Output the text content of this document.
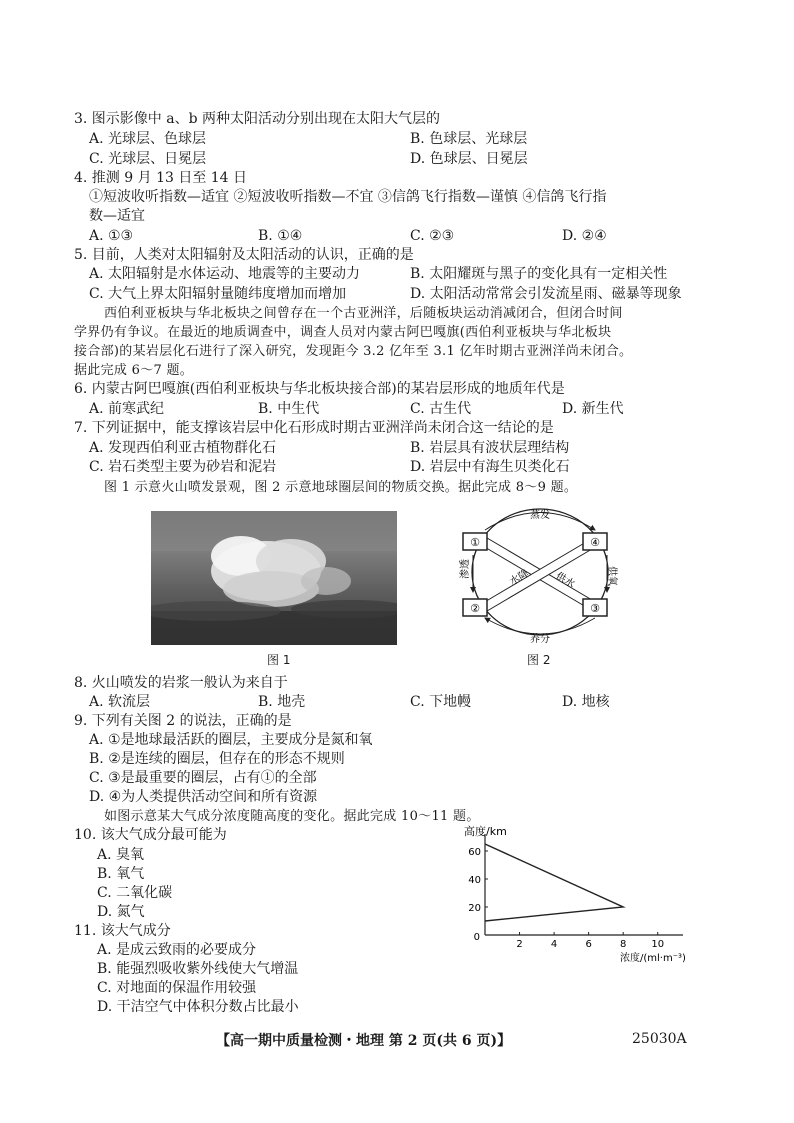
3. 图示影像中 a、b 两种太阳活动分别出现在太阳大气层的
A. 光球层、色球层	B. 色球层、光球层
C. 光球层、日冕层	D. 色球层、日冕层
4. 推测 9 月 13 日至 14 日
①短波收听指数—适宜 ②短波收听指数—不宜 ③信鸽飞行指数—谨慎 ④信鸽飞行指
数—适宜
A. ①③	B. ①④	C. ②③	D. ②④
5. 目前，人类对太阳辐射及太阳活动的认识，正确的是
A. 太阳辐射是水体运动、地震等的主要动力	B. 太阳耀斑与黑子的变化具有一定相关性
C. 大气上界太阳辐射量随纬度增加而增加	D. 太阳活动常常会引发流星雨、磁暴等现象
西伯利亚板块与华北板块之间曾存在一个古亚洲洋，后随板块运动消减闭合，但闭合时间
学界仍有争议。在最近的地质调查中，调查人员对内蒙古阿巴嘎旗(西伯利亚板块与华北板块
接合部)的某岩层化石进行了深入研究，发现距今 3.2 亿年至 3.1 亿年时期古亚洲洋尚未闭合。
据此完成 6～7 题。
6. 内蒙古阿巴嘎旗(西伯利亚板块与华北板块接合部)的某岩层形成的地质年代是
A. 前寒武纪	B. 中生代	C. 古生代	D. 新生代
7. 下列证据中，能支撑该岩层中化石形成时期古亚洲洋尚未闭合这一结论的是
A. 发现西伯利亚古植物群化石	B. 岩层具有波状层理结构
C. 岩石类型主要为砂岩和泥岩	D. 岩层中有海生贝类化石
图 1 示意火山喷发景观，图 2 示意地球圈层间的物质交换。据此完成 8～9 题。
图 1
①
②	③
④
蒸发
养分
渗透	供氧
水降 供水
图 2
8. 火山喷发的岩浆一般认为来自于
A. 软流层	B. 地壳	C. 下地幔	D. 地核
9. 下列有关图 2 的说法，正确的是
A. ①是地球最活跃的圈层，主要成分是氮和氧
B. ②是连续的圈层，但存在的形态不规则
C. ③是最重要的圈层，占有①的全部
D. ④为人类提供活动空间和所有资源
如图示意某大气成分浓度随高度的变化。据此完成 10～11 题。
10. 该大气成分最可能为
A. 臭氧
B. 氧气
C. 二氧化碳
D. 氮气
11. 该大气成分
A. 是成云致雨的必要成分
B. 能强烈吸收紫外线使大气增温
C. 对地面的保温作用较强
D. 干洁空气中体积分数占比最小
高度/km
浓度/(ml·m⁻³)
0
2	4	6	8 10
20
40
60
【高一期中质量检测・地理 第 2 页(共 6 页)】	25030A
